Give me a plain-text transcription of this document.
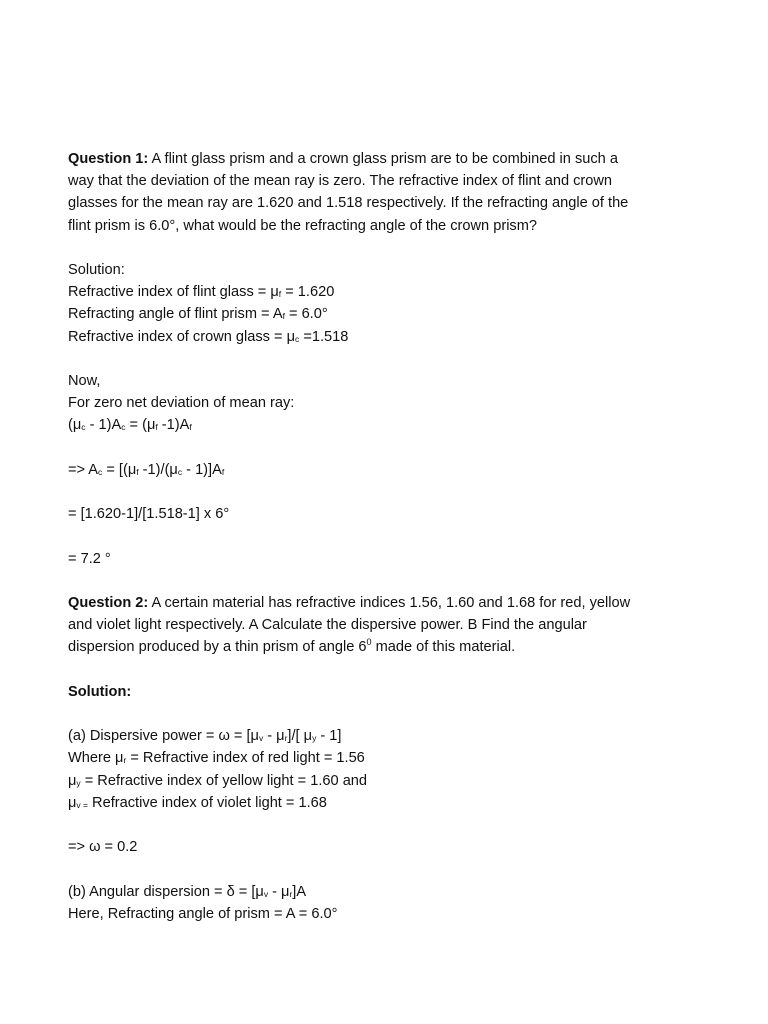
Question 1: A flint glass prism and a crown glass prism are to be combined in such a

way that the deviation of the mean ray is zero. The refractive index of flint and crown

glasses for the mean ray are 1.620 and 1.518 respectively. If the refracting angle of the

flint prism is 6.0°, what would be the refracting angle of the crown prism?

Solution:

Refractive index of flint glass = $\mu_f = 1.620$

Refracting angle of flint prism = $A_f = 6.0^\circ$

Refractive index of crown glass = $\mu_c =1.518$

Now,

For zero net deviation of mean ray:

$(\mu_c - 1)A_c = (\mu_f$ $-1)A_f$

=> $A_c = [(\mu_f$ $-1)/(\mu_c - 1)]A_f$

= [1.620-1]/[1.518-1] x 6°

= 7.2 °

Question 2: A certain material has refractive indices 1.56, 1.60 and 1.68 for red, yellow

and violet light respectively. A Calculate the dispersive power. B Find the angular

dispersion produced by a thin prism of angle $6^0$ made of this material.

Solution:

(a) Dispersive power = $\omega = [\mu_v - \mu_r]/$[ $\mu_y - 1$]

Where $\mu_r$ = Refractive index of red light = 1.56

$\mu_y$ = Refractive index of yellow light = 1.60 and

$\mu_v$ $_=$ Refractive index of violet light = 1.68

=> ω = 0.2

(b) Angular dispersion = $\delta = [\mu_v - \mu_r]A$

Here, Refracting angle of prism = A = 6.0°
